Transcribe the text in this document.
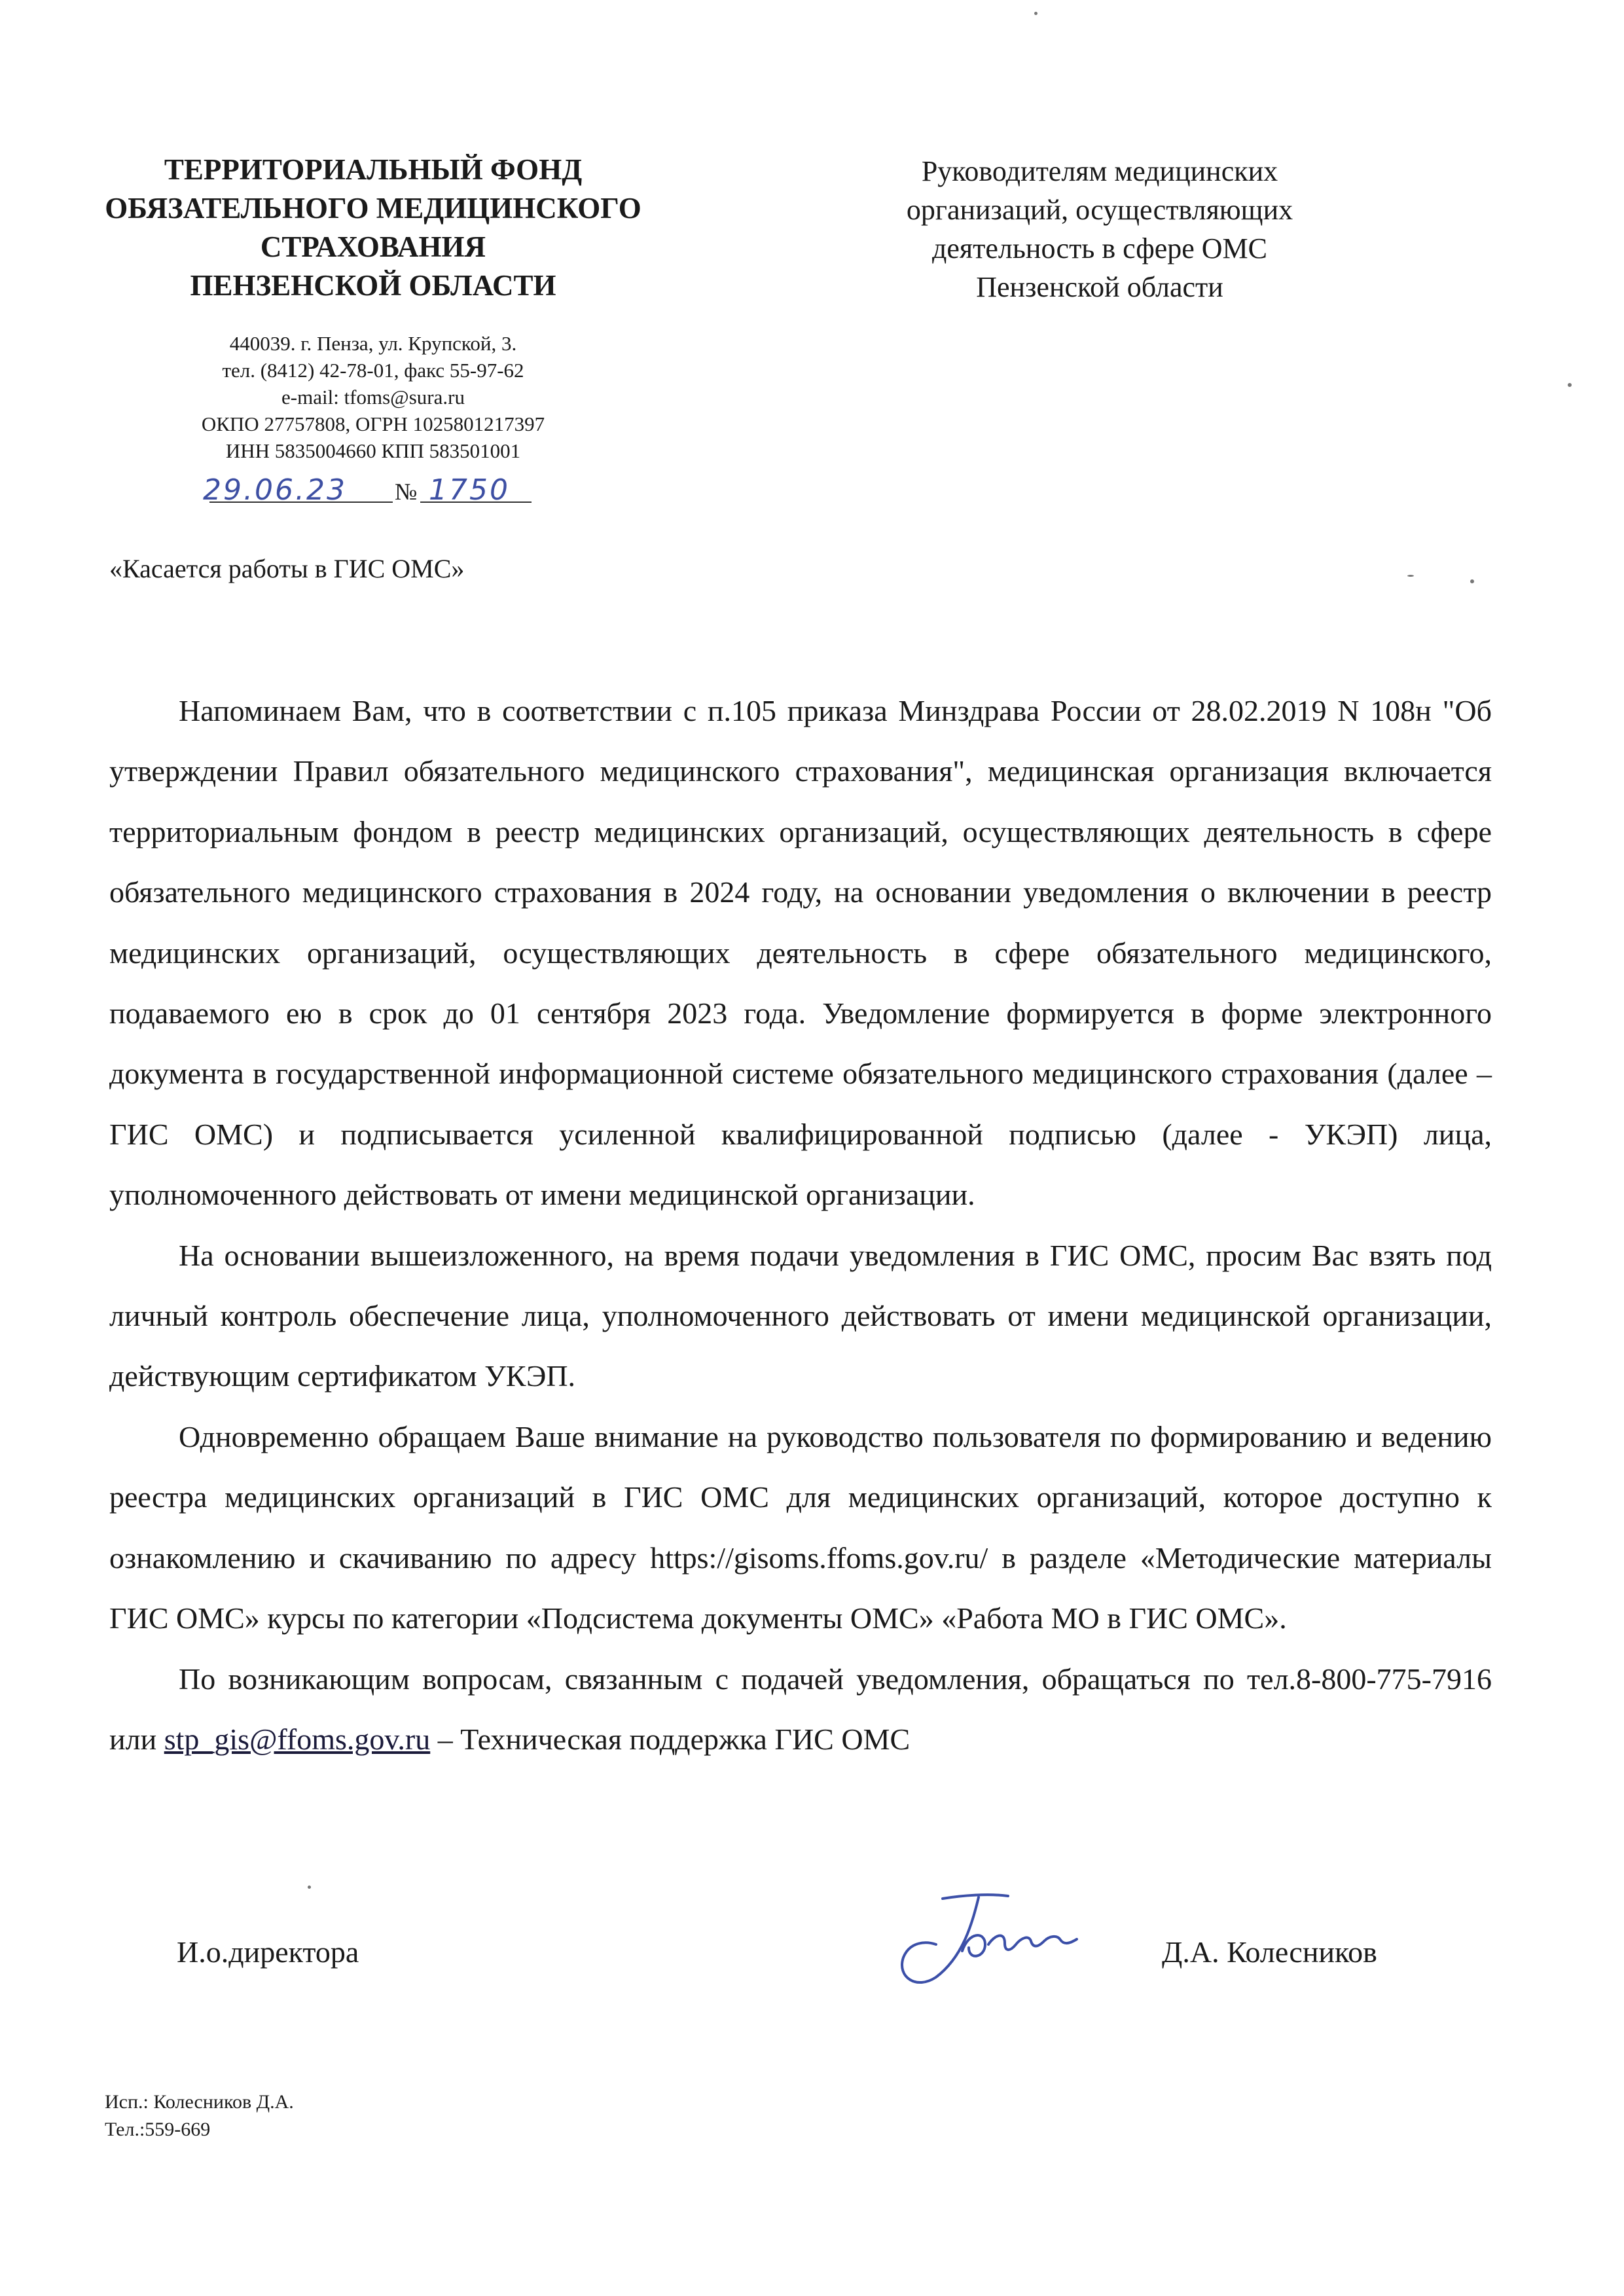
ТЕРРИТОРИАЛЬНЫЙ ФОНД
ОБЯЗАТЕЛЬНОГО МЕДИЦИНСКОГО
СТРАХОВАНИЯ
ПЕНЗЕНСКОЙ ОБЛАСТИ
440039. г. Пенза, ул. Крупской, 3.
тел. (8412) 42-78-01, факс 55-97-62
e-mail: tfoms@sura.ru
ОКПО 27757808, ОГРН 1025801217397
ИНН 5835004660 КПП 583501001
29.06.23 № 1750
Руководителям медицинских
организаций, осуществляющих
деятельность в сфере ОМС
Пензенской области
«Касается работы в ГИС ОМС»

Напоминаем Вам, что в соответствии с п.105 приказа Минздрава России от 28.02.2019 N 108н "Об утверждении Правил обязательного медицинского страхования", медицинская организация включается территориальным фондом в реестр медицинских организаций, осуществляющих деятельность в сфере обязательного медицинского страхования в 2024 году, на основании уведомления о включении в реестр медицинских организаций, осуществляющих деятельность в сфере обязательного медицинского, подаваемого ею в срок до 01 сентября 2023 года. Уведомление формируется в форме электронного документа в государственной информационной системе обязательного медицинского страхования (далее – ГИС ОМС) и подписывается усиленной квалифицированной подписью (далее - УКЭП) лица, уполномоченного действовать от имени медицинской организации.

На основании вышеизложенного, на время подачи уведомления в ГИС ОМС, просим Вас взять под личный контроль обеспечение лица, уполномоченного действовать от имени медицинской организации, действующим сертификатом УКЭП.

Одновременно обращаем Ваше внимание на руководство пользователя по формированию и ведению реестра медицинских организаций в ГИС ОМС для медицинских организаций, которое доступно к ознакомлению и скачиванию по адресу https://gisoms.ffoms.gov.ru/ в разделе «Методические материалы ГИС ОМС» курсы по категории «Подсистема документы ОМС» «Работа МО в ГИС ОМС».

По возникающим вопросам, связанным с подачей уведомления, обращаться по тел.8-800-775-7916 или stp_gis@ffoms.gov.ru – Техническая поддержка ГИС ОМС

И.о.директора	Д.А. Колесников
Исп.: Колесников Д.А.
Тел.:559-669
